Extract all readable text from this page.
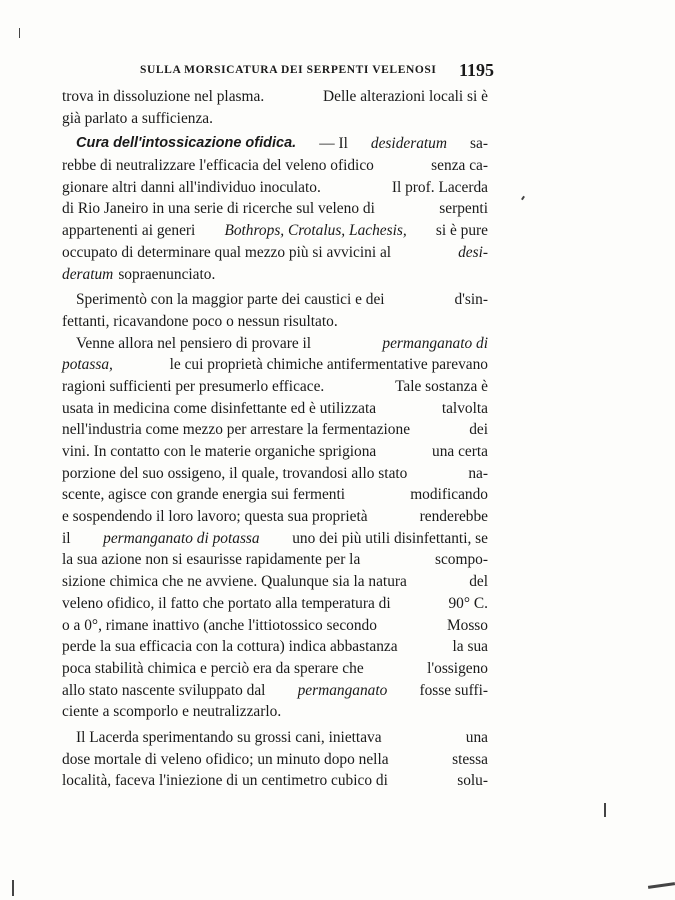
SULLA MORSICATURA DEI SERPENTI VELENOSI 1195
trova in dissoluzione nel plasma.	Delle alterazioni locali si è
già parlato a sufficienza.
Cura dell'intossicazione ofidica. — Il desideratum sa-
rebbe di neutralizzare l'efficacia del veleno ofidico	senza ca-
gionare altri danni all'individuo inoculato.	Il prof. Lacerda
di Rio Janeiro in una serie di ricerche sul veleno di	serpenti
appartenenti ai generi Bothrops, Crotalus, Lachesis, si è pure
occupato di determinare qual mezzo più si avvicini al	desi-
deratum sopraenunciato.
Sperimentò con la maggior parte dei caustici e dei	d'sin-
fettanti, ricavandone poco o nessun risultato.
Venne allora nel pensiero di provare il	permanganato di
potassa,	le cui proprietà chimiche antifermentative parevano
ragioni sufficienti per presumerlo efficace.	Tale sostanza è
usata in medicina come disinfettante ed è utilizzata	talvolta
nell'industria come mezzo per arrestare la fermentazione	dei
vini. In contatto con le materie organiche sprigiona	una certa
porzione del suo ossigeno, il quale, trovandosi allo stato	na-
scente, agisce con grande energia sui fermenti	modificando
e sospendendo il loro lavoro; questa sua proprietà	renderebbe
il permanganato di potassa uno dei più utili disinfettanti, se
la sua azione non si esaurisse rapidamente per la	scompo-
sizione chimica che ne avviene. Qualunque sia la natura	del
veleno ofidico, il fatto che portato alla temperatura di	90° C.
o a 0°, rimane inattivo (anche l'ittiotossico secondo	Mosso
perde la sua efficacia con la cottura) indica abbastanza	la sua
poca stabilità chimica e perciò era da sperare che	l'ossigeno
allo stato nascente sviluppato dal permanganato fosse suffi-
ciente a scomporlo e neutralizzarlo.
Il Lacerda sperimentando su grossi cani, iniettava	una
dose mortale di veleno ofidico; un minuto dopo nella	stessa
località, faceva l'iniezione di un centimetro cubico di	solu-
